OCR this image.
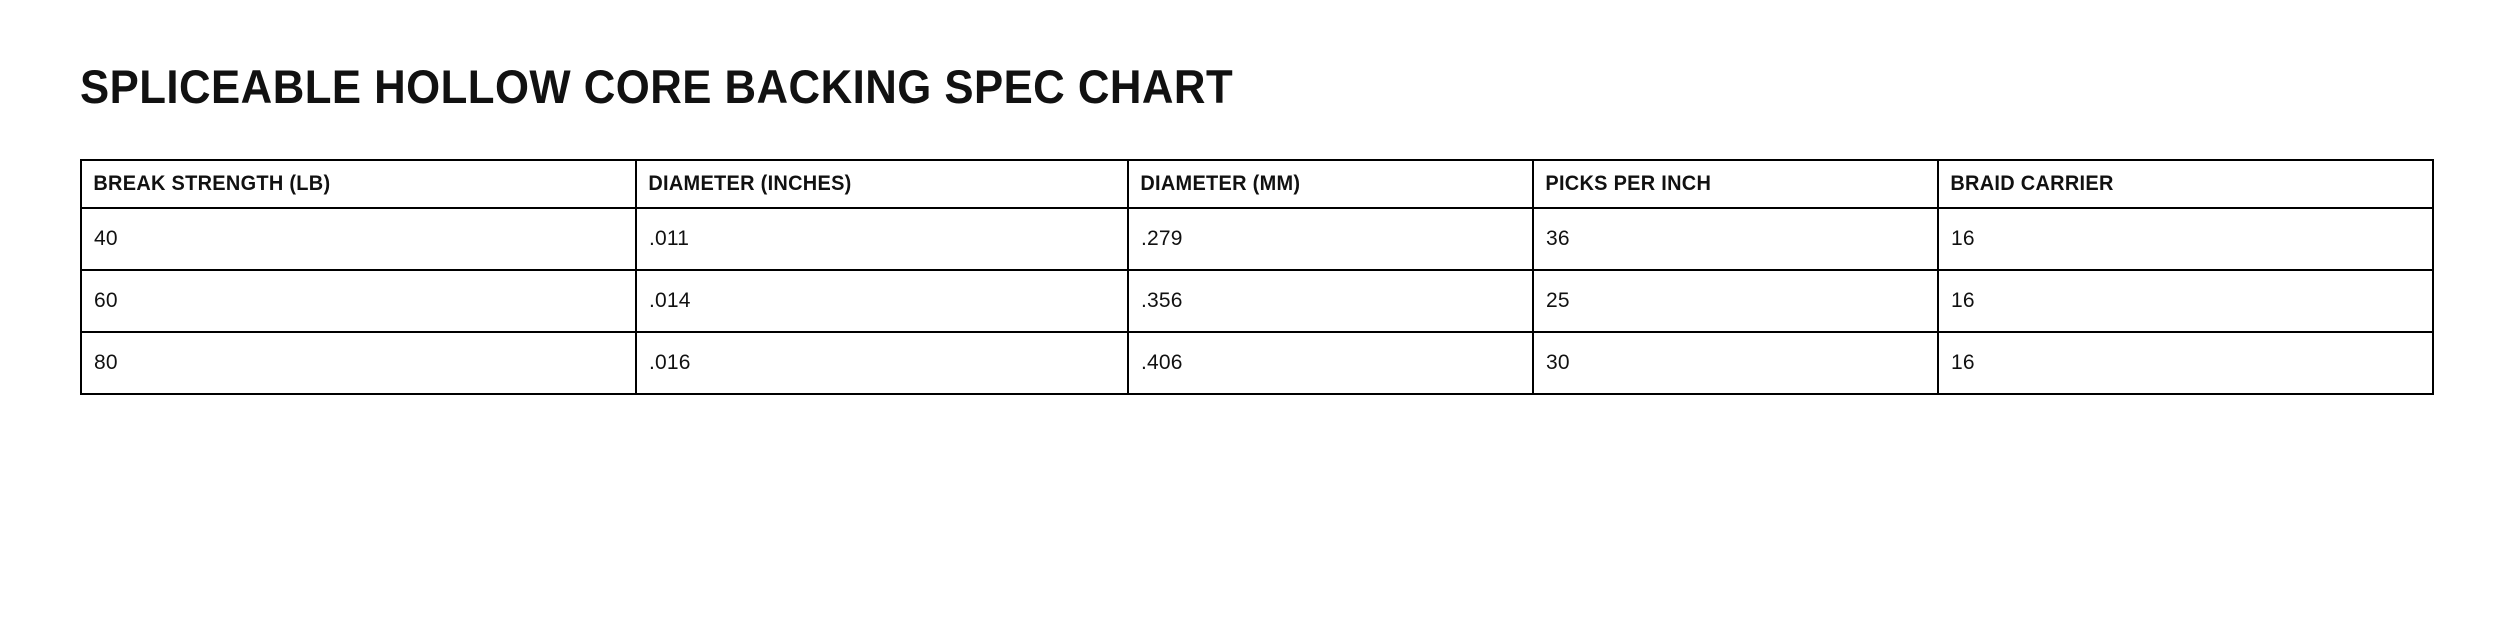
SPLICEABLE HOLLOW CORE BACKING SPEC CHART
BREAK STRENGTH (LB)	DIAMETER (INCHES)	DIAMETER (MM)	PICKS PER INCH	BRAID CARRIER
40	.011	.279	36	16
60	.014	.356	25	16
80	.016	.406	30	16
